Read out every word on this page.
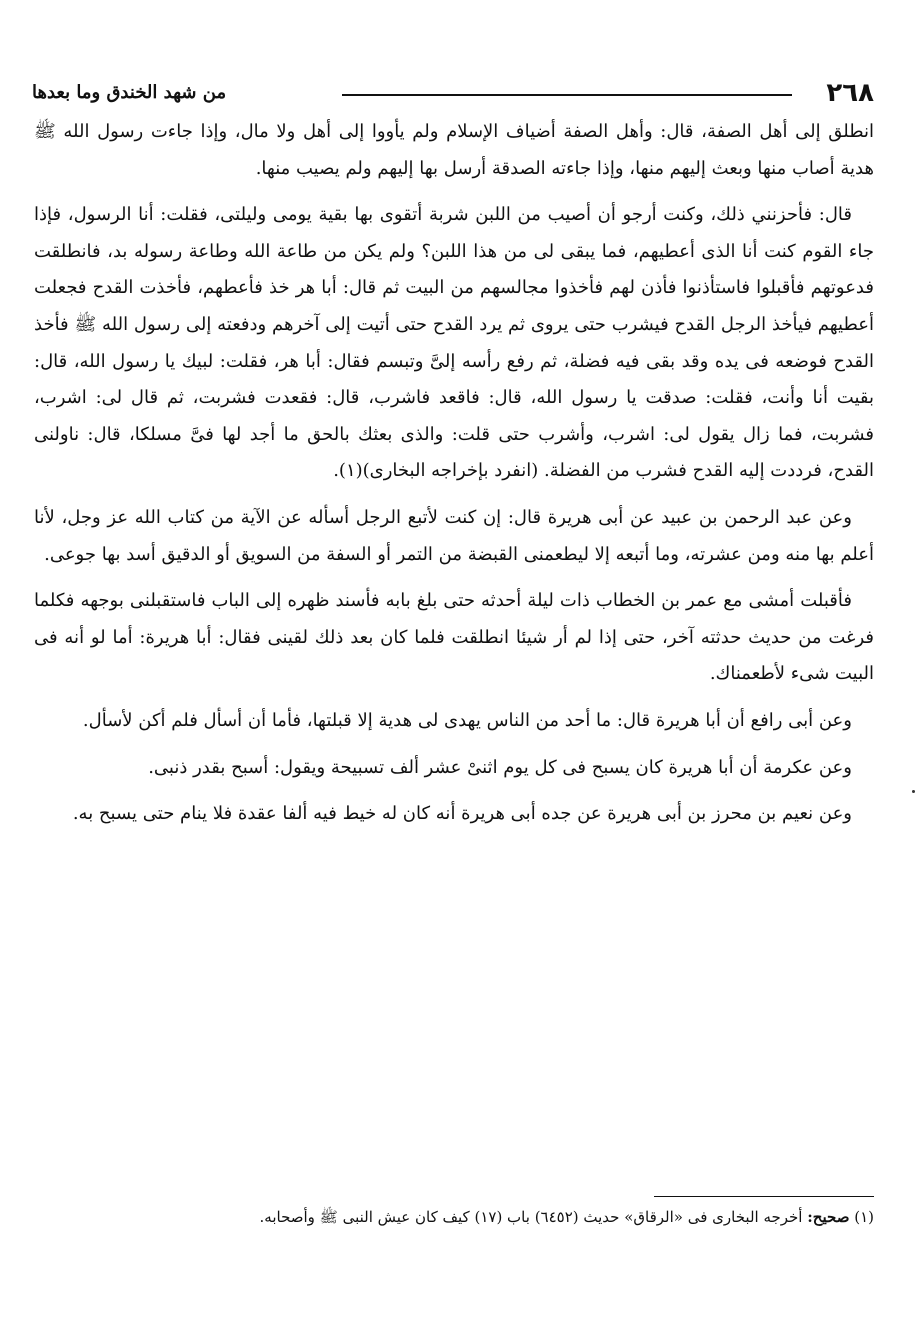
٢٦٨
من شهد الخندق وما بعدها

انطلق إلى أهل الصفة، قال: وأهل الصفة أضياف الإسلام ولم يأووا إلى أهل ولا مال، وإذا جاءت رسول الله ﷺ هدية أصاب منها وبعث إليهم منها، وإذا جاءته الصدقة أرسل بها إليهم ولم يصيب منها.

قال: فأحزنني ذلك، وكنت أرجو أن أصيب من اللبن شربة أتقوى بها بقية يومى وليلتى، فقلت: أنا الرسول، فإذا جاء القوم كنت أنا الذى أعطيهم، فما يبقى لى من هذا اللبن؟ ولم يكن من طاعة الله وطاعة رسوله بد، فانطلقت فدعوتهم فأقبلوا فاستأذنوا فأذن لهم فأخذوا مجالسهم من البيت ثم قال: أبا هر خذ فأعطهم، فأخذت القدح فجعلت أعطيهم فيأخذ الرجل القدح فيشرب حتى يروى ثم يرد القدح حتى أتيت إلى آخرهم ودفعته إلى رسول الله ﷺ فأخذ القدح فوضعه فى يده وقد بقى فيه فضلة، ثم رفع رأسه إلىَّ وتبسم فقال: أبا هر، فقلت: لبيك يا رسول الله، قال: بقيت أنا وأنت، فقلت: صدقت يا رسول الله، قال: فاقعد فاشرب، قال: فقعدت فشربت، ثم قال لى: اشرب، فشربت، فما زال يقول لى: اشرب، وأشرب حتى قلت: والذى بعثك بالحق ما أجد لها فىَّ مسلكا، قال: ناولنى القدح، فرددت إليه القدح فشرب من الفضلة. (انفرد بإخراجه البخارى)(١).

وعن عبد الرحمن بن عبيد عن أبى هريرة قال: إن كنت لأتبع الرجل أسأله عن الآية من كتاب الله عز وجل، لأنا أعلم بها منه ومن عشرته، وما أتبعه إلا ليطعمنى القبضة من التمر أو السفة من السويق أو الدقيق أسد بها جوعى.

فأقبلت أمشى مع عمر بن الخطاب ذات ليلة أحدثه حتى بلغ بابه فأسند ظهره إلى الباب فاستقبلنى بوجهه فكلما فرغت من حديث حدثته آخر، حتى إذا لم أر شيئا انطلقت فلما كان بعد ذلك لقينى فقال: أبا هريرة: أما لو أنه فى البيت شىء لأطعمناك.

وعن أبى رافع أن أبا هريرة قال: ما أحد من الناس يهدى لى هدية إلا قبلتها، فأما أن أسأل فلم أكن لأسأل.

وعن عكرمة أن أبا هريرة كان يسبح فى كل يوم اثنىْ عشر ألف تسبيحة ويقول: أسبح بقدر ذنبى.

وعن نعيم بن محرز بن أبى هريرة عن جده أبى هريرة أنه كان له خيط فيه ألفا عقدة فلا ينام حتى يسبح به.

(١) صحيح: أخرجه البخارى فى «الرقاق» حديث (٦٤٥٢) باب (١٧) كيف كان عيش النبى ﷺ وأصحابه.
